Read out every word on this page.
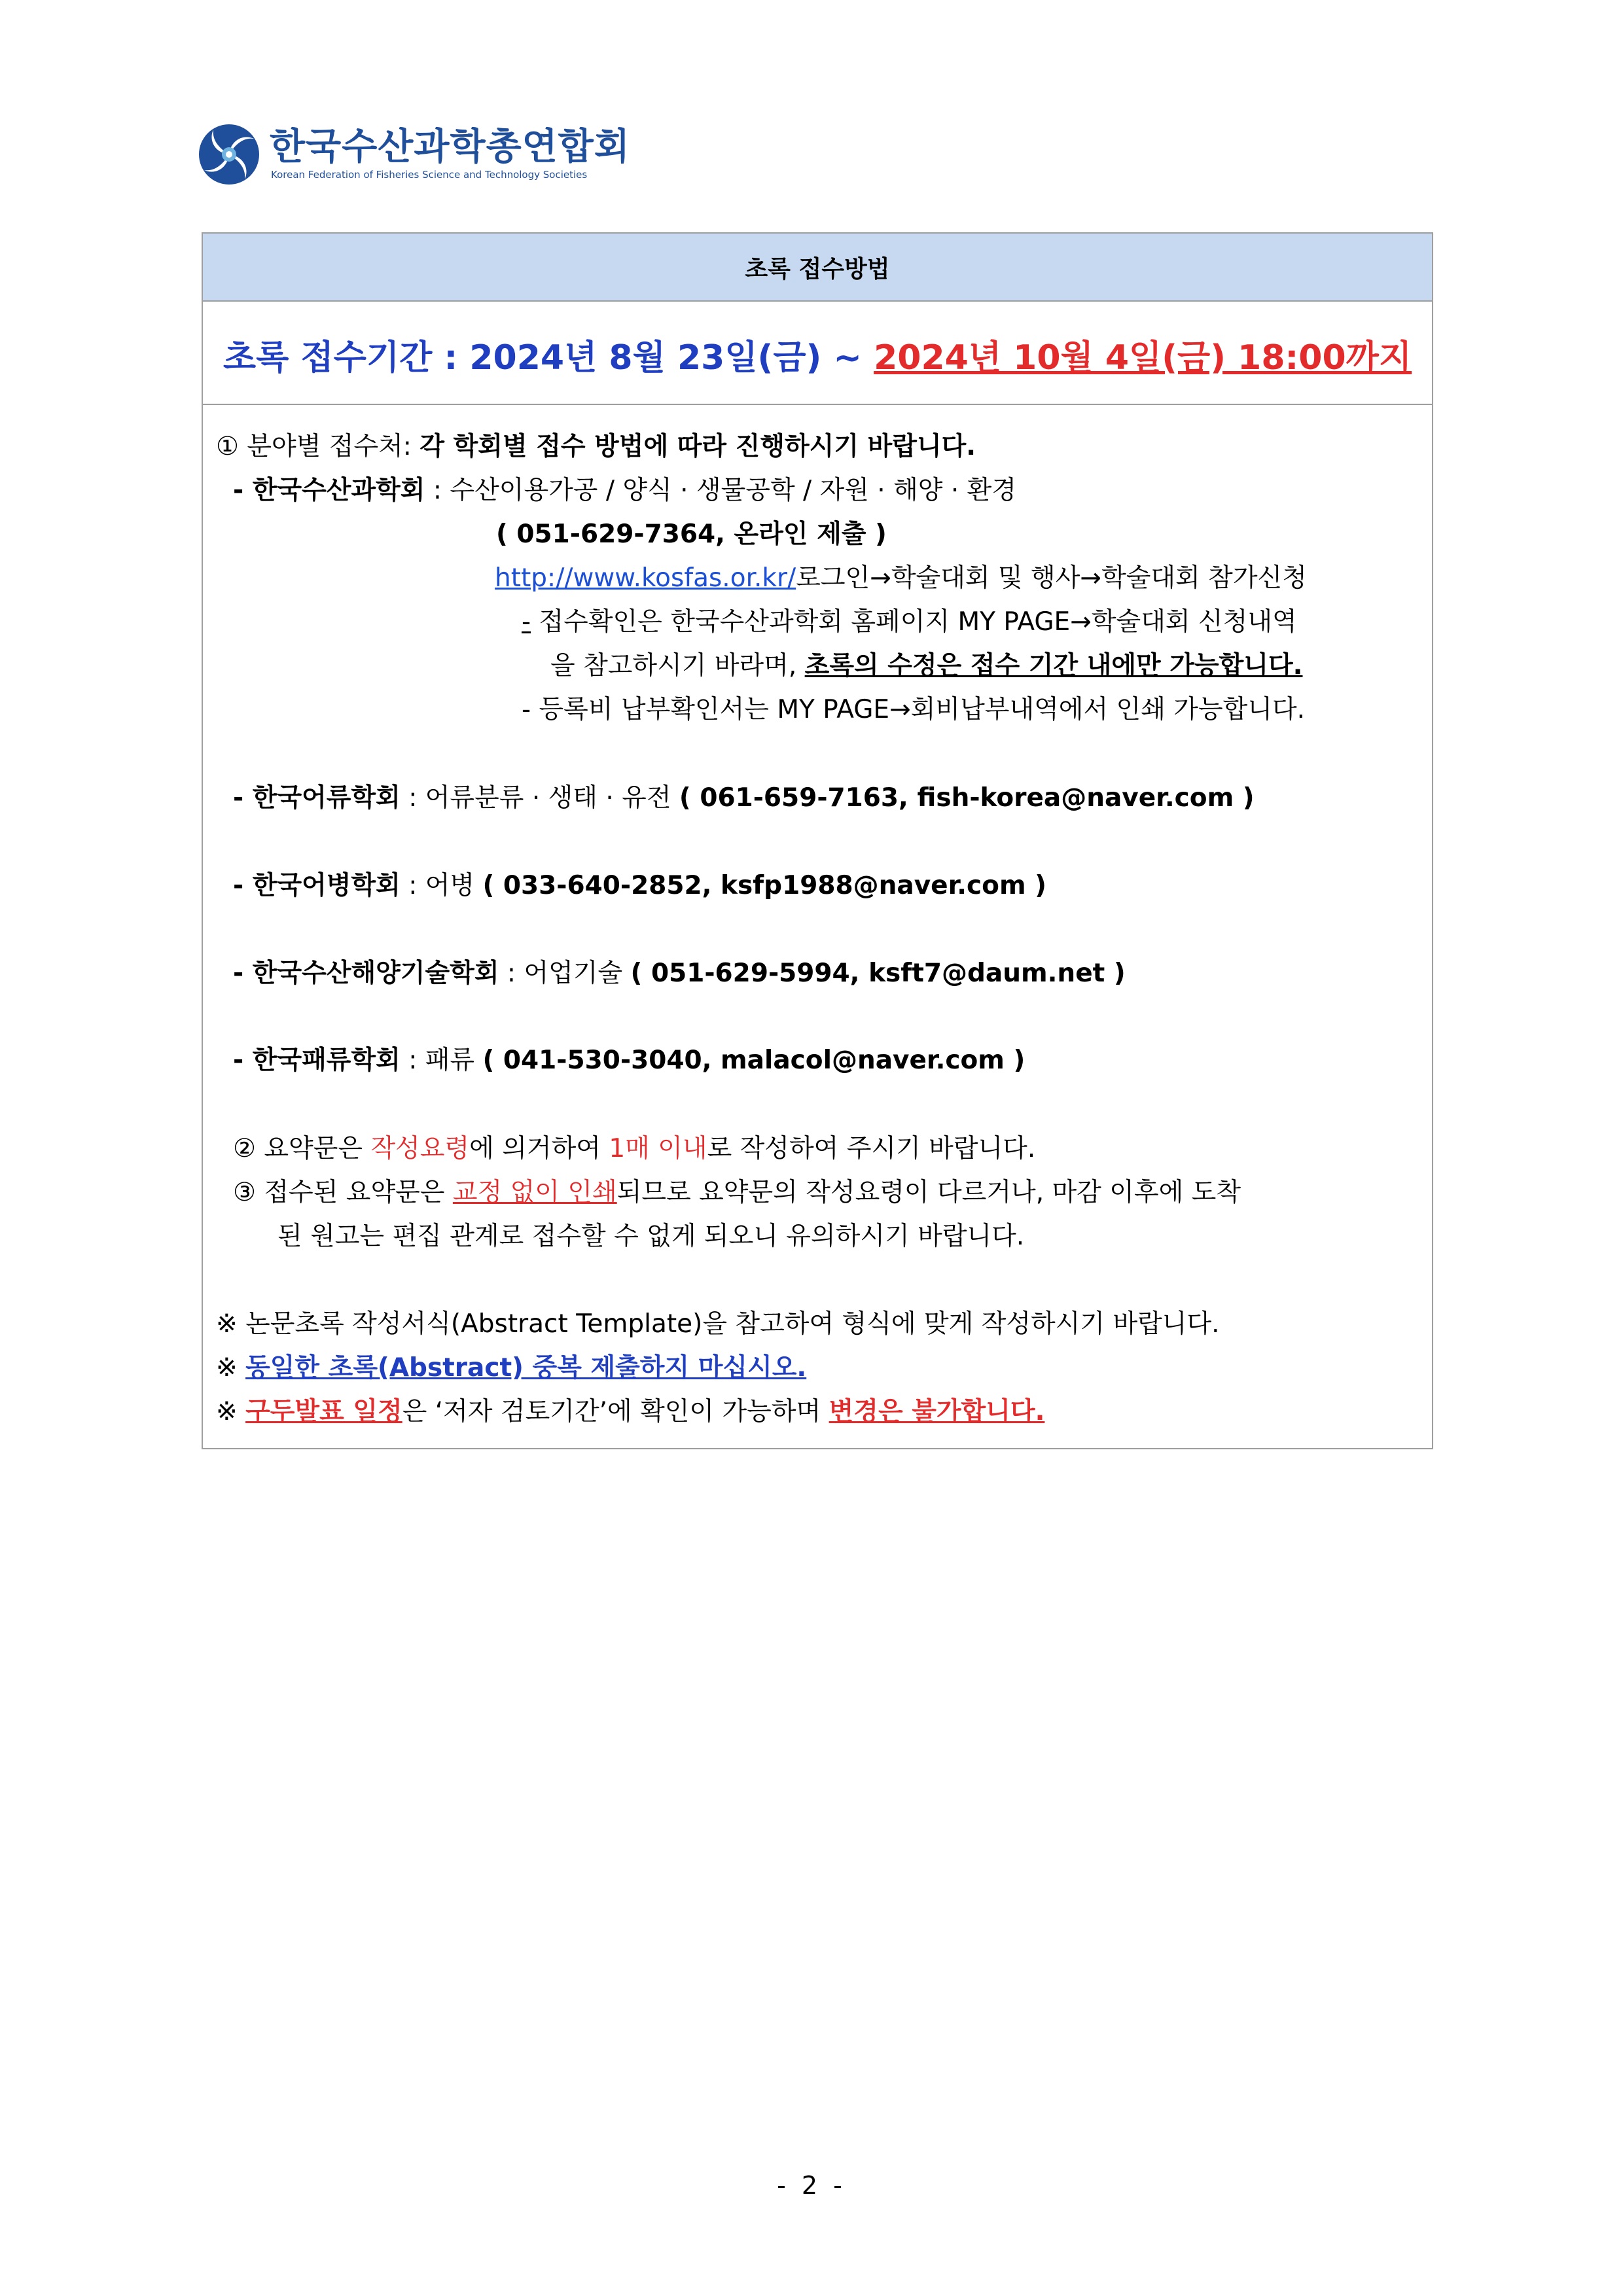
한국수산과학총연합회
Korean Federation of Fisheries Science and Technology Societies
초록 접수방법
초록 접수기간 : 2024년 8월 23일(금) ~ 2024년 10월 4일(금) 18:00까지
① 분야별 접수처: 각 학회별 접수 방법에 따라 진행하시기 바랍니다.
- 한국수산과학회 : 수산이용가공 / 양식 · 생물공학 / 자원 · 해양 · 환경
( 051-629-7364, 온라인 제출 )
http://www.kosfas.or.kr/로그인→학술대회 및 행사→학술대회 참가신청
- 접수확인은 한국수산과학회 홈페이지 MY PAGE→학술대회 신청내역
을 참고하시기 바라며, 초록의 수정은 접수 기간 내에만 가능합니다.
- 등록비 납부확인서는 MY PAGE→회비납부내역에서 인쇄 가능합니다.
- 한국어류학회 : 어류분류 · 생태 · 유전 ( 061-659-7163, fish-korea@naver.com )
- 한국어병학회 : 어병 ( 033-640-2852, ksfp1988@naver.com )
- 한국수산해양기술학회 : 어업기술 ( 051-629-5994, ksft7@daum.net )
- 한국패류학회 : 패류 ( 041-530-3040, malacol@naver.com )
② 요약문은 작성요령에 의거하여 1매 이내로 작성하여 주시기 바랍니다.
③ 접수된 요약문은 교정 없이 인쇄되므로 요약문의 작성요령이 다르거나, 마감 이후에 도착
된 원고는 편집 관계로 접수할 수 없게 되오니 유의하시기 바랍니다.
※ 논문초록 작성서식(Abstract Template)을 참고하여 형식에 맞게 작성하시기 바랍니다.
※ 동일한 초록(Abstract) 중복 제출하지 마십시오.
※ 구두발표 일정은 ‘저자 검토기간’에 확인이 가능하며 변경은 불가합니다.
- 2 -
